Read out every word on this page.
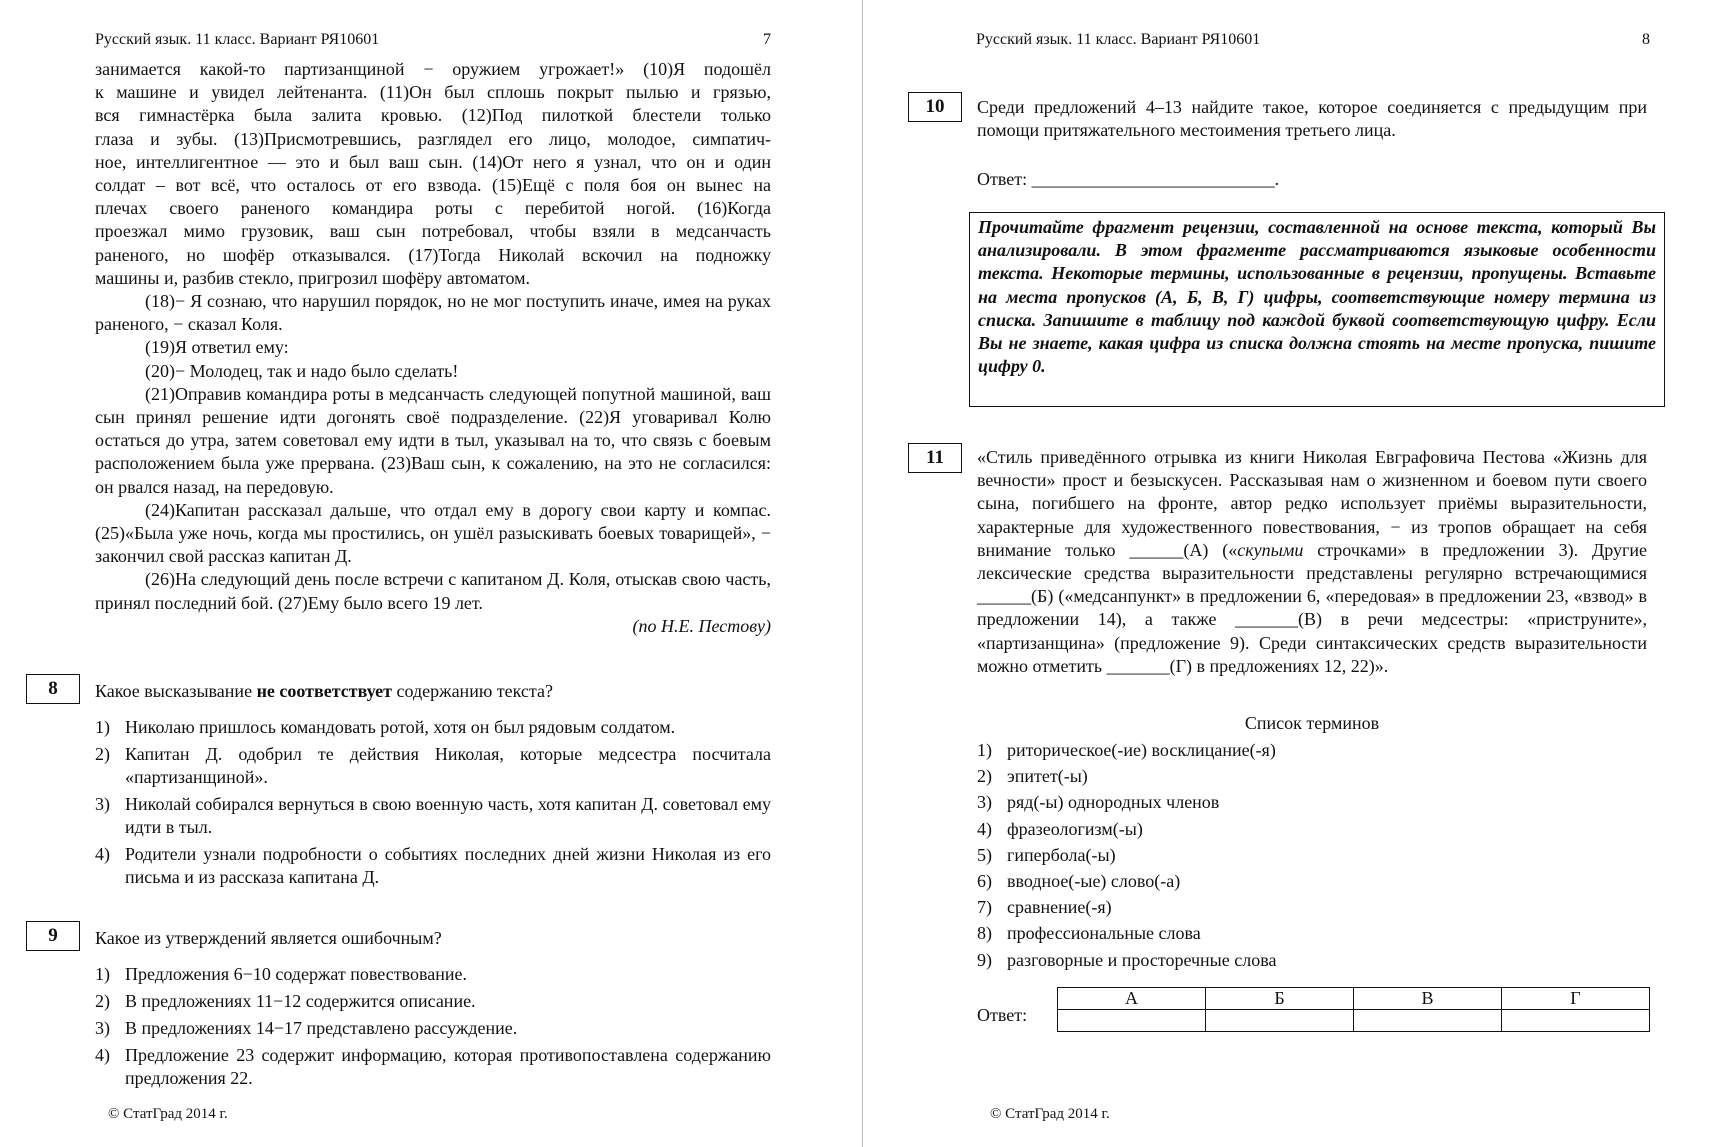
Русский язык. 11 класс. Вариант РЯ10601	7
занимается какой-то партизанщиной − оружием угрожает!» (10)Я подошёл
к машине и увидел лейтенанта. (11)Он был сплошь покрыт пылью и грязью,
вся гимнастёрка была залита кровью. (12)Под пилоткой блестели только
глаза и зубы. (13)Присмотревшись, разглядел его лицо, молодое, симпатич-
ное, интеллигентное — это и был ваш сын. (14)От него я узнал, что он и один
солдат – вот всё, что осталось от его взвода. (15)Ещё с поля боя он вынес на
плечах своего раненого командира роты с перебитой ногой. (16)Когда
проезжал мимо грузовик, ваш сын потребовал, чтобы взяли в медсанчасть
раненого, но шофёр отказывался. (17)Тогда Николай вскочил на подножку
машины и, разбив стекло, пригрозил шофёру автоматом.

(18)− Я сознаю, что нарушил порядок, но не мог поступить иначе, имея на руках раненого, − сказал Коля.

(19)Я ответил ему:

(20)− Молодец, так и надо было сделать!

(21)Оправив командира роты в медсанчасть следующей попутной машиной, ваш сын принял решение идти догонять своё подразделение. (22)Я уговаривал Колю остаться до утра, затем советовал ему идти в тыл, указывал на то, что связь с боевым расположением была уже прервана. (23)Ваш сын, к сожалению, на это не согласился: он рвался назад, на передовую.

(24)Капитан рассказал дальше, что отдал ему в дорогу свои карту и компас. (25)«Была уже ночь, когда мы простились, он ушёл разыскивать боевых товарищей», − закончил свой рассказ капитан Д.

(26)На следующий день после встречи с капитаном Д. Коля, отыскав свою часть, принял последний бой. (27)Ему было всего 19 лет.

(по Н.Е. Пестову)

8	Какое высказывание не соответствует содержанию текста?
1) Николаю пришлось командовать ротой, хотя он был рядовым солдатом.
2) Капитан Д. одобрил те действия Николая, которые медсестра посчитала «партизанщиной».
3) Николай собирался вернуться в свою военную часть, хотя капитан Д. советовал ему идти в тыл.
4) Родители узнали подробности о событиях последних дней жизни Николая из его письма и из рассказа капитана Д.
9	Какое из утверждений является ошибочным?
1) Предложения 6−10 содержат повествование.
2) В предложениях 11−12 содержится описание.
3) В предложениях 14−17 представлено рассуждение.
4) Предложение 23 содержит информацию, которая противопоставлена содержанию предложения 22.
© СтатГрад 2014 г.
Русский язык. 11 класс. Вариант РЯ10601	8
10	Среди предложений 4–13 найдите такое, которое соединяется с предыдущим при помощи притяжательного местоимения третьего лица.
Ответ: ___________________________.
Прочитайте фрагмент рецензии, составленной на основе текста, который Вы анализировали. В этом фрагменте рассматриваются языковые особенности текста. Некоторые термины, использованные в рецензии, пропущены. Вставьте на места пропусков (А, Б, В, Г) цифры, соответствующие номеру термина из списка. Запишите в таблицу под каждой буквой соответствующую цифру. Если Вы не знаете, какая цифра из списка должна стоять на месте пропуска, пишите цифру 0.
11	«Стиль приведённого отрывка из книги Николая Евграфовича Пестова «Жизнь для вечности» прост и безыскусен. Рассказывая нам о жизненном и боевом пути своего сына, погибшего на фронте, автор редко использует приёмы выразительности, характерные для художественного повествования, − из тропов обращает на себя внимание только ______(А) («скупыми строчками» в предложении 3). Другие лексические средства выразительности представлены регулярно встречающимися ______(Б) («медсанпункт» в предложении 6, «передовая» в предложении 23, «взвод» в предложении 14), а также _______(В) в речи медсестры: «приструните», «партизанщина» (предложение 9). Среди синтаксических средств выразительности можно отметить _______(Г) в предложениях 12, 22)».
Список терминов
1) риторическое(-ие) восклицание(-я)
2) эпитет(-ы)
3) ряд(-ы) однородных членов
4) фразеологизм(-ы)
5) гипербола(-ы)
6) вводное(-ые) слово(-а)
7) сравнение(-я)
8) профессиональные слова
9) разговорные и просторечные слова
Ответ:
А	Б	В	Г

© СтатГрад 2014 г.
